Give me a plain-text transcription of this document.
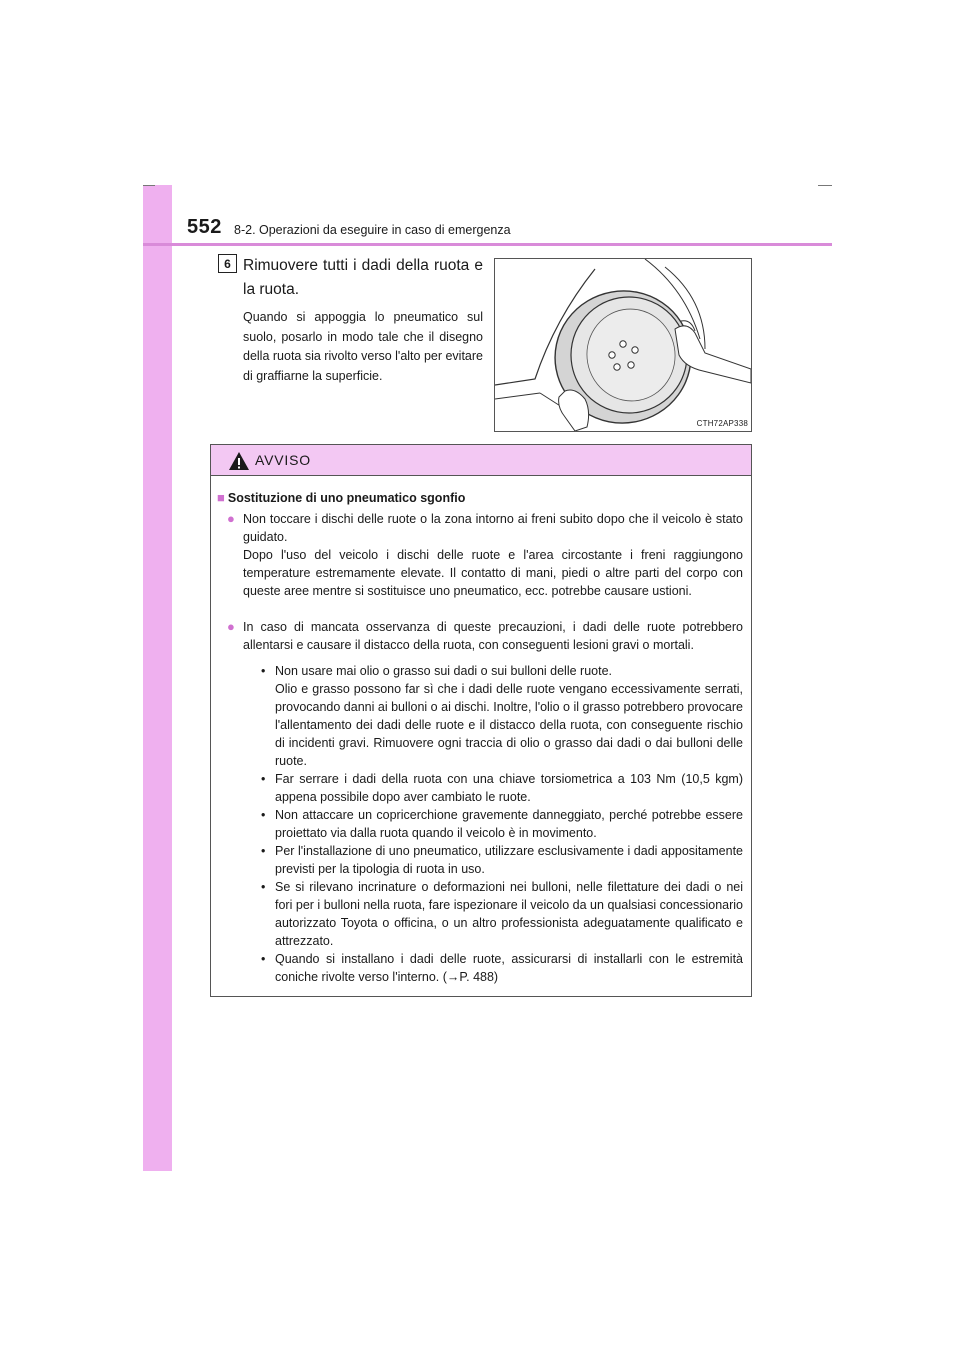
552 8-2. Operazioni da eseguire in caso di emergenza
6 Rimuovere tutti i dadi della ruota e la ruota.
Quando si appoggia lo pneumatico sul suolo, posarlo in modo tale che il disegno della ruota sia rivolto verso l'alto per evitare di graffiarne la superficie.
CTH72AP338
AVVISO
■ Sostituzione di uno pneumatico sgonfio
● Non toccare i dischi delle ruote o la zona intorno ai freni subito dopo che il veicolo è stato guidato.
Dopo l'uso del veicolo i dischi delle ruote e l'area circostante i freni raggiungono temperature estremamente elevate. Il contatto di mani, piedi o altre parti del corpo con queste aree mentre si sostituisce uno pneumatico, ecc. potrebbe causare ustioni.
● In caso di mancata osservanza di queste precauzioni, i dadi delle ruote potrebbero allentarsi e causare il distacco della ruota, con conseguenti lesioni gravi o mortali.
• Non usare mai olio o grasso sui dadi o sui bulloni delle ruote.
Olio e grasso possono far sì che i dadi delle ruote vengano eccessivamente serrati, provocando danni ai bulloni o ai dischi. Inoltre, l'olio o il grasso potrebbero provocare l'allentamento dei dadi delle ruote e il distacco della ruota, con conseguente rischio di incidenti gravi. Rimuovere ogni traccia di olio o grasso dai dadi o dai bulloni delle ruote.
• Far serrare i dadi della ruota con una chiave torsiometrica a 103 Nm (10,5 kgm) appena possibile dopo aver cambiato le ruote.
• Non attaccare un copricerchione gravemente danneggiato, perché potrebbe essere proiettato via dalla ruota quando il veicolo è in movimento.
• Per l'installazione di uno pneumatico, utilizzare esclusivamente i dadi appositamente previsti per la tipologia di ruota in uso.
• Se si rilevano incrinature o deformazioni nei bulloni, nelle filettature dei dadi o nei fori per i bulloni nella ruota, fare ispezionare il veicolo da un qualsiasi concessionario autorizzato Toyota o officina, o un altro professionista adeguatamente qualificato e attrezzato.
• Quando si installano i dadi delle ruote, assicurarsi di installarli con le estremità coniche rivolte verso l'interno. (→P. 488)
